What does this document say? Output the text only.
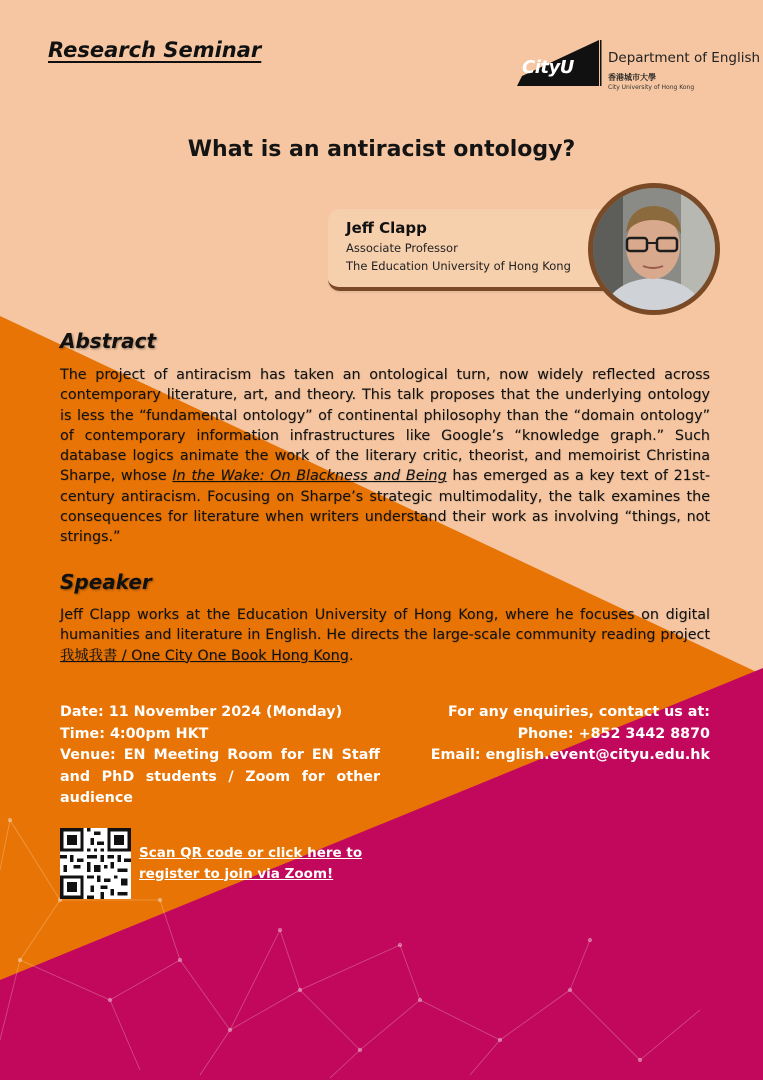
Research Seminar
CityU	Department of English
香港城市大學
City University of Hong Kong
What is an antiracist ontology?
Jeff Clapp
Associate Professor
The Education University of Hong Kong
Abstract
The project of antiracism has taken an ontological turn, now widely reflected across contemporary literature, art, and theory. This talk proposes that the underlying ontology is less the “fundamental ontology” of continental philosophy than the “domain ontology” of contemporary information infrastructures like Google’s “knowledge graph.” Such database logics animate the work of the literary critic, theorist, and memoirist Christina Sharpe, whose In the Wake: On Blackness and Being has emerged as a key text of 21st-century antiracism. Focusing on Sharpe’s strategic multimodality, the talk examines the consequences for literature when writers understand their work as involving “things, not strings.”
Speaker
Jeff Clapp works at the Education University of Hong Kong, where he focuses on digital humanities and literature in English. He directs the large-scale community reading project 我城我書 / One City One Book Hong Kong.
Date: 11 November 2024 (Monday)
Time: 4:00pm HKT
Venue: EN Meeting Room for EN Staff and PhD students / Zoom for other audience
For any enquiries, contact us at:
Phone: +852 3442 8870
Email: english.event@cityu.edu.hk
Scan QR code or click here to register to join via Zoom!
